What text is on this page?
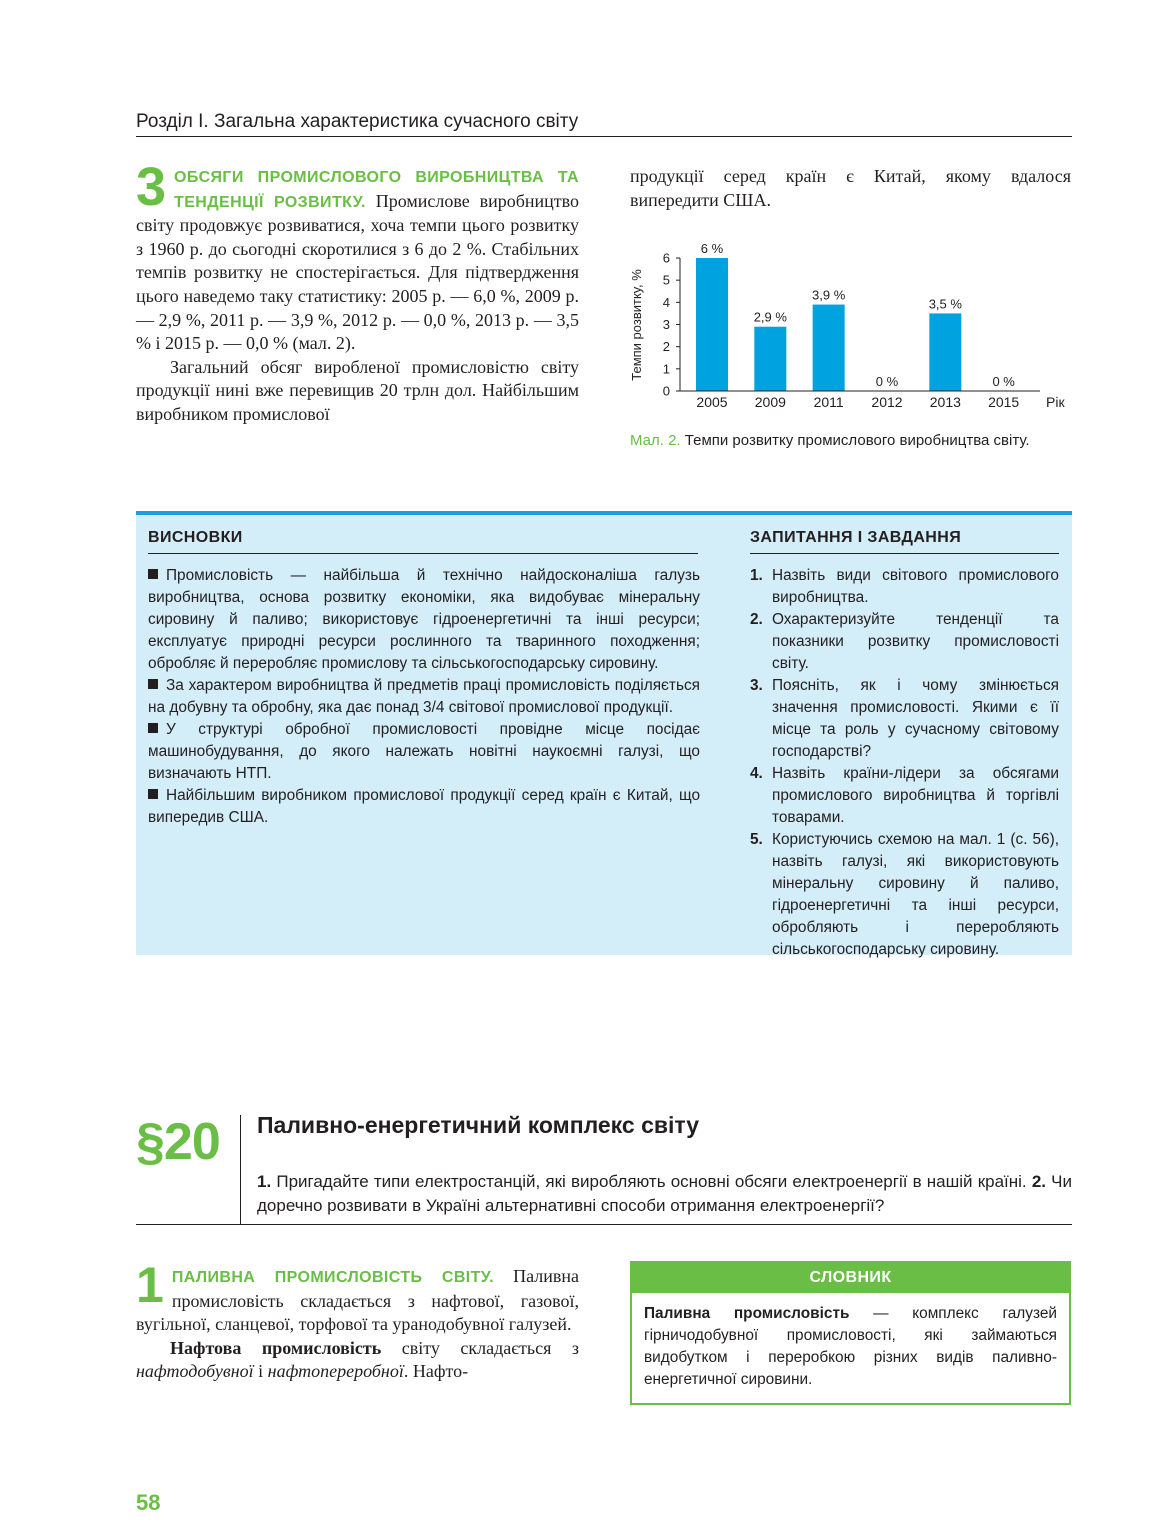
Розділ І. Загальна характеристика сучасного світу

3 ОБСЯГИ ПРОМИСЛОВОГО ВИРОБНИЦТВА ТА ТЕНДЕНЦІЇ РОЗВИТКУ. Промислове виробництво світу продовжує розвиватися, хоча темпи цього розвитку з 1960 р. до сьогодні скоротилися з 6 до 2 %. Стабільних темпів розвитку не спостерігається. Для підтвердження цього наведемо таку статистику: 2005 р. — 6,0 %, 2009 р. — 2,9 %, 2011 р. — 3,9 %, 2012 р. — 0,0 %, 2013 р. — 3,5 % і 2015 р. — 0,0 % (мал. 2).

Загальний обсяг виробленої промисловістю світу продукції нині вже перевищив 20 трлн дол. Найбільшим виробником промислової

продукції серед країн є Китай, якому вдалося випередити США.
Темпи розвитку, %
0
1
2
3
4
5
6
6 %
2005
2,9 %
2009
3,9 %
2011
0 %
2012
3,5 %
2013
0 %
2015 Рік
Мал. 2. Темпи розвитку промислового виробництва світу.
ВИСНОВКИ	ЗАПИТАННЯ І ЗАВДАННЯ

Промисловість — найбільша й технічно найдосконаліша галузь виробництва, основа розвитку економіки, яка видобуває мінеральну сировину й паливо; використовує гідроенергетичні та інші ресурси; експлуатує природні ресурси рослинного та тваринного походження; обробляє й переробляє промислову та сільськогосподарську сировину.

За характером виробництва й предметів праці промисловість поділяється на добувну та обробну, яка дає понад 3/4 світової промислової продукції.

У структурі обробної промисловості провідне місце посідає машинобудування, до якого належать новітні наукоємні галузі, що визначають НТП.

Найбільшим виробником промислової продукції серед країн є Китай, що випередив США.

1. Назвіть види світового промислового виробництва.

2. Охарактеризуйте тенденції та показники розвитку промисловості світу.

3. Поясніть, як і чому змінюється значення промисловості. Якими є її місце та роль у сучасному світовому господарстві?

4. Назвіть країни-лідери за обсягами промислового виробництва й торгівлі товарами.

5. Користуючись схемою на мал. 1 (с. 56), назвіть галузі, які використовують мінеральну сировину й паливо, гідроенергетичні та інші ресурси, обробляють і переробляють сільськогосподарську сировину.

§20 Паливно-енергетичний комплекс світу
1. Пригадайте типи електростанцій, які виробляють основні обсяги електроенергії в нашій країні. 2. Чи доречно розвивати в Україні альтернативні способи отримання електроенергії?

1 ПАЛИВНА ПРОМИСЛОВІСТЬ СВІТУ. Паливна промисловість складається з нафтової, газової, вугільної, сланцевої, торфової та уранодобувної галузей.

Нафтова промисловість світу складається з нафтодобувної і нафтопереробної. Нафто-

СЛОВНИК
Паливна промисловість — комплекс галузей гірничодобувної промисловості, які займаються видобутком і переробкою різних видів паливно-енергетичної сировини.
58
